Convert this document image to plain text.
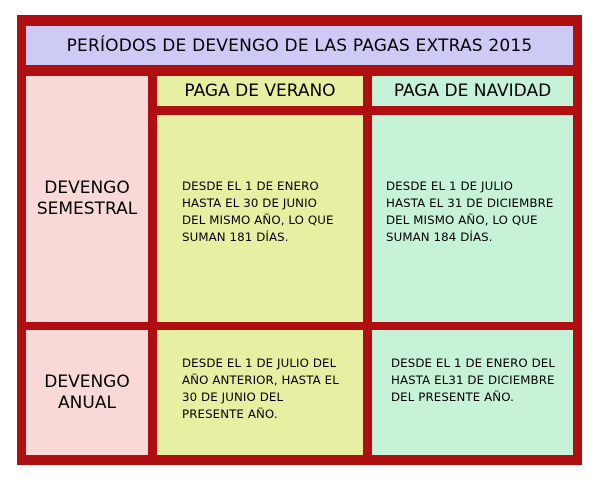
PERÍODOS DE DEVENGO DE LAS PAGAS EXTRAS 2015
PAGA DE VERANO	PAGA DE NAVIDAD
DEVENGO
SEMESTRAL
DEVENGO
ANUAL
DESDE EL 1 DE ENERO
HASTA EL 30 DE JUNIO
DEL MISMO AÑO, LO QUE
SUMAN 181 DÍAS.
DESDE EL 1 DE JULIO
HASTA EL 31 DE DICIEMBRE
DEL MISMO AÑO, LO QUE
SUMAN 184 DÍAS.
DESDE EL 1 DE JULIO DEL
AÑO ANTERIOR, HASTA EL
30 DE JUNIO DEL
PRESENTE AÑO.
DESDE EL 1 DE ENERO DEL
HASTA EL31 DE DICIEMBRE
DEL PRESENTE AÑO.
